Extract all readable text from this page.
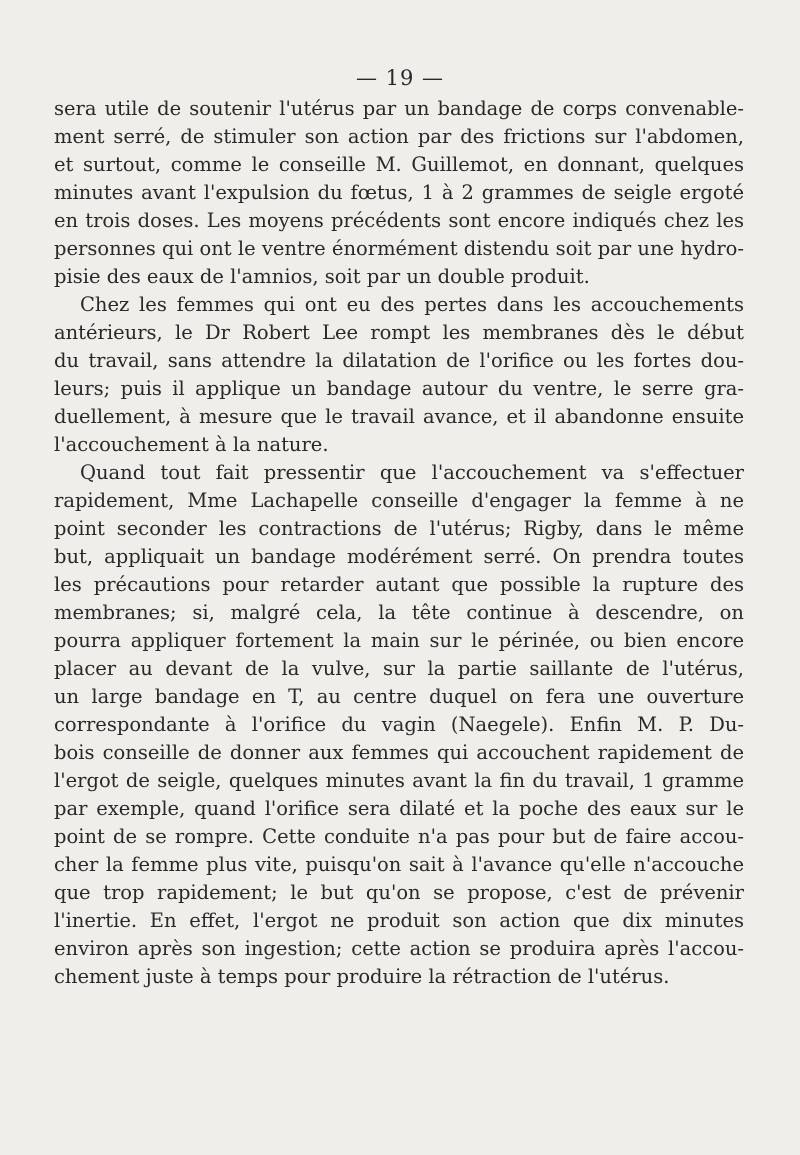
— 19 —
sera utile de soutenir l'utérus par un bandage de corps convenable-
ment serré, de stimuler son action par des frictions sur l'abdomen,
et surtout, comme le conseille M. Guillemot, en donnant, quelques
minutes avant l'expulsion du fœtus, 1 à 2 grammes de seigle ergoté
en trois doses. Les moyens précédents sont encore indiqués chez les
personnes qui ont le ventre énormément distendu soit par une hydro-
pisie des eaux de l'amnios, soit par un double produit.
Chez les femmes qui ont eu des pertes dans les accouchements
antérieurs, le Dr Robert Lee rompt les membranes dès le début
du travail, sans attendre la dilatation de l'orifice ou les fortes dou-
leurs; puis il applique un bandage autour du ventre, le serre gra-
duellement, à mesure que le travail avance, et il abandonne ensuite
l'accouchement à la nature.
Quand tout fait pressentir que l'accouchement va s'effectuer
rapidement, Mme Lachapelle conseille d'engager la femme à ne
point seconder les contractions de l'utérus; Rigby, dans le même
but, appliquait un bandage modérément serré. On prendra toutes
les précautions pour retarder autant que possible la rupture des
membranes; si, malgré cela, la tête continue à descendre, on
pourra appliquer fortement la main sur le périnée, ou bien encore
placer au devant de la vulve, sur la partie saillante de l'utérus,
un large bandage en T, au centre duquel on fera une ouverture
correspondante à l'orifice du vagin (Naegele). Enfin M. P. Du-
bois conseille de donner aux femmes qui accouchent rapidement de
l'ergot de seigle, quelques minutes avant la fin du travail, 1 gramme
par exemple, quand l'orifice sera dilaté et la poche des eaux sur le
point de se rompre. Cette conduite n'a pas pour but de faire accou-
cher la femme plus vite, puisqu'on sait à l'avance qu'elle n'accouche
que trop rapidement; le but qu'on se propose, c'est de prévenir
l'inertie. En effet, l'ergot ne produit son action que dix minutes
environ après son ingestion; cette action se produira après l'accou-
chement juste à temps pour produire la rétraction de l'utérus.
